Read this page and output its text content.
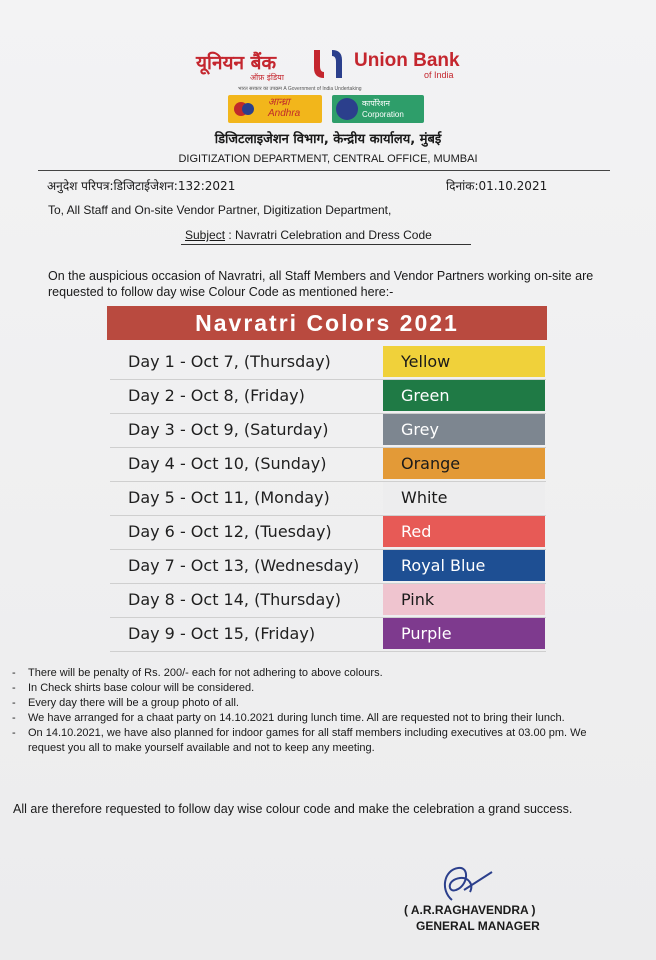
यूनियन बैंक
ऑफ़ इंडिया
Union Bank
of India
भारत सरकार का उपक्रम A Government of India Undertaking
आन्ध्रा
Andhra
कार्पोरेशन
Corporation
डिजिटलाइजेशन विभाग, केन्द्रीय कार्यालय, मुंबई
DIGITIZATION DEPARTMENT, CENTRAL OFFICE, MUMBAI
अनुदेश परिपत्र:डिजिटाईजेशन:132:2021	दिनांक:01.10.2021
To, All Staff and On-site Vendor Partner, Digitization Department,
Subject : Navratri Celebration and Dress Code
On the auspicious occasion of Navratri, all Staff Members and Vendor Partners working on-site are requested to follow day wise Colour Code as mentioned here:-
Navratri Colors 2021
Day 1 - Oct 7, (Thursday)	Yellow
Day 2 - Oct 8, (Friday)	Green
Day 3 - Oct 9, (Saturday)	Grey
Day 4 - Oct 10, (Sunday)	Orange
Day 5 - Oct 11, (Monday)	White
Day 6 - Oct 12, (Tuesday)	Red
Day 7 - Oct 13, (Wednesday)	Royal Blue
Day 8 - Oct 14, (Thursday)	Pink
Day 9 - Oct 15, (Friday)	Purple
- There will be penalty of Rs. 200/- each for not adhering to above colours.
- In Check shirts base colour will be considered.
- Every day there will be a group photo of all.
- We have arranged for a chaat party on 14.10.2021 during lunch time. All are requested not to bring their lunch.
- On 14.10.2021, we have also planned for indoor games for all staff members including executives at 03.00 pm. We request you all to make yourself available and not to keep any meeting.
All are therefore requested to follow day wise colour code and make the celebration a grand success.
( A.R.RAGHAVENDRA )
GENERAL MANAGER
